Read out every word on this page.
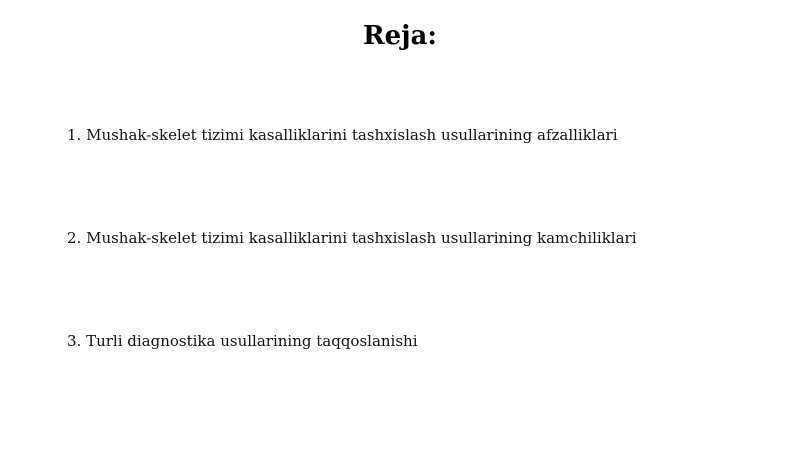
Reja:
1. Mushak-skelet tizimi kasalliklarini tashxislash usullarining afzalliklari
2. Mushak-skelet tizimi kasalliklarini tashxislash usullarining kamchiliklari
3. Turli diagnostika usullarining taqqoslanishi
